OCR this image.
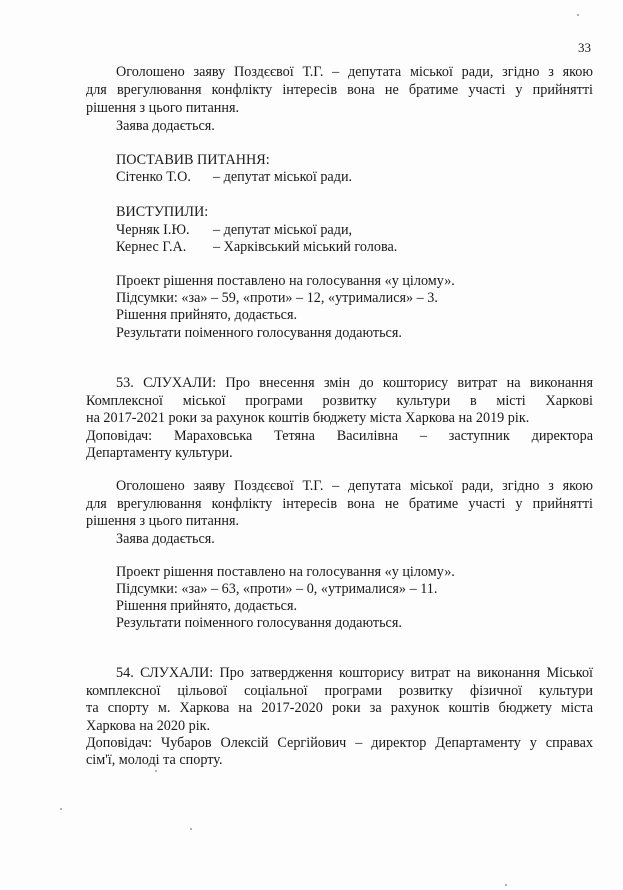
33
Оголошено заяву Поздєєвої Т.Г. – депутата міської ради, згідно з якою
для врегулювання конфлікту інтересів вона не братиме участі у прийнятті
рішення з цього питання.
Заява додається.
ПОСТАВИВ ПИТАННЯ:
Сітенко Т.О. – депутат міської ради.
ВИСТУПИЛИ:
Черняк І.Ю. – депутат міської ради,
Кернес Г.А. – Харківський міський голова.
Проект рішення поставлено на голосування «у цілому».
Підсумки: «за» – 59, «проти» – 12, «утрималися» – 3.
Рішення прийнято, додається.
Результати поіменного голосування додаються.
53. СЛУХАЛИ: Про внесення змін до кошторису витрат на виконання
Комплексної міської програми розвитку культури в місті Харкові
на 2017-2021 роки за рахунок коштів бюджету міста Харкова на 2019 рік.
Доповідач: Мараховська Тетяна Василівна – заступник директора
Департаменту культури.
Оголошено заяву Поздєєвої Т.Г. – депутата міської ради, згідно з якою
для врегулювання конфлікту інтересів вона не братиме участі у прийнятті
рішення з цього питання.
Заява додається.
Проект рішення поставлено на голосування «у цілому».
Підсумки: «за» – 63, «проти» – 0, «утрималися» – 11.
Рішення прийнято, додається.
Результати поіменного голосування додаються.
54. СЛУХАЛИ: Про затвердження кошторису витрат на виконання Міської
комплексної цільової соціальної програми розвитку фізичної культури
та спорту м. Харкова на 2017-2020 роки за рахунок коштів бюджету міста
Харкова на 2020 рік.
Доповідач: Чубаров Олексій Сергійович – директор Департаменту у справах
сім'ї, молоді та спорту.
